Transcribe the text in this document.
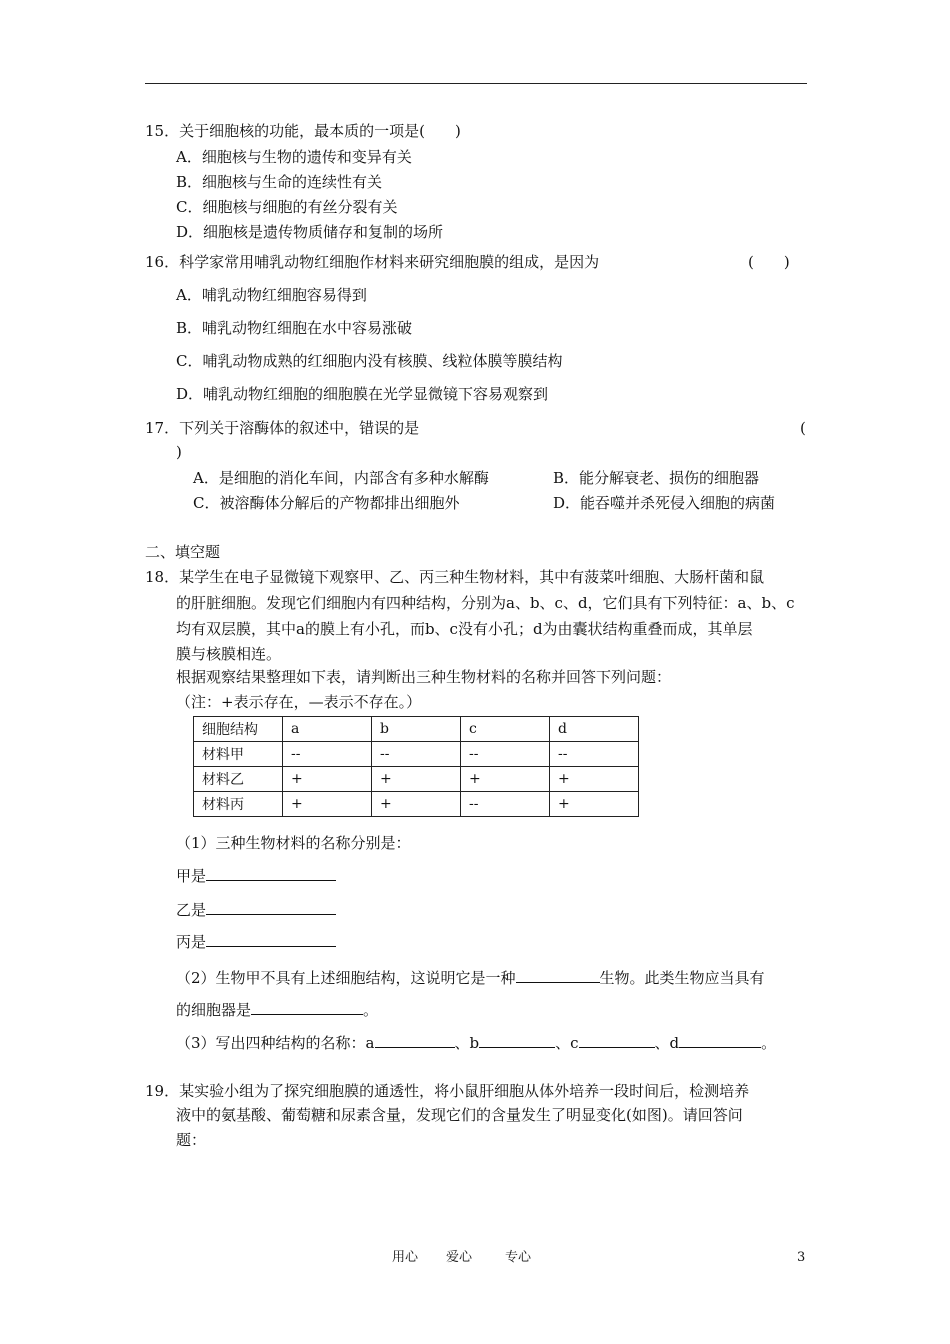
15．关于细胞核的功能，最本质的一项是(　　)
A．细胞核与生物的遗传和变异有关
B．细胞核与生命的连续性有关
C．细胞核与细胞的有丝分裂有关
D．细胞核是遗传物质储存和复制的场所
16．科学家常用哺乳动物红细胞作材料来研究细胞膜的组成，是因为	(　　)
A．哺乳动物红细胞容易得到
B．哺乳动物红细胞在水中容易涨破
C．哺乳动物成熟的红细胞内没有核膜、线粒体膜等膜结构
D．哺乳动物红细胞的细胞膜在光学显微镜下容易观察到
17．下列关于溶酶体的叙述中，错误的是	(
)
A．是细胞的消化车间，内部含有多种水解酶	B．能分解衰老、损伤的细胞器
C．被溶酶体分解后的产物都排出细胞外	D．能吞噬并杀死侵入细胞的病菌
二、填空题
18．某学生在电子显微镜下观察甲、乙、丙三种生物材料，其中有菠菜叶细胞、大肠杆菌和鼠
的肝脏细胞。发现它们细胞内有四种结构，分别为a、b、c、d，它们具有下列特征：a、b、c
均有双层膜，其中a的膜上有小孔，而b、c没有小孔；d为由囊状结构重叠而成，其单层
膜与核膜相连。
根据观察结果整理如下表，请判断出三种生物材料的名称并回答下列问题：
（注：+表示存在，—表示不存在。）
细胞结构	a	b	c	d
材料甲	--	--	--	--
材料乙	+	+	+	+
材料丙	+	+	--	+
（1）三种生物材料的名称分别是：
甲是
乙是
丙是
（2）生物甲不具有上述细胞结构，这说明它是一种	生物。此类生物应当具有
的细胞器是	。
（3）写出四种结构的名称：a	、b	、c	、d	。
19．某实验小组为了探究细胞膜的通透性，将小鼠肝细胞从体外培养一段时间后，检测培养
液中的氨基酸、葡萄糖和尿素含量，发现它们的含量发生了明显变化(如图)。请回答问
题：
用心 爱心	专心	3
